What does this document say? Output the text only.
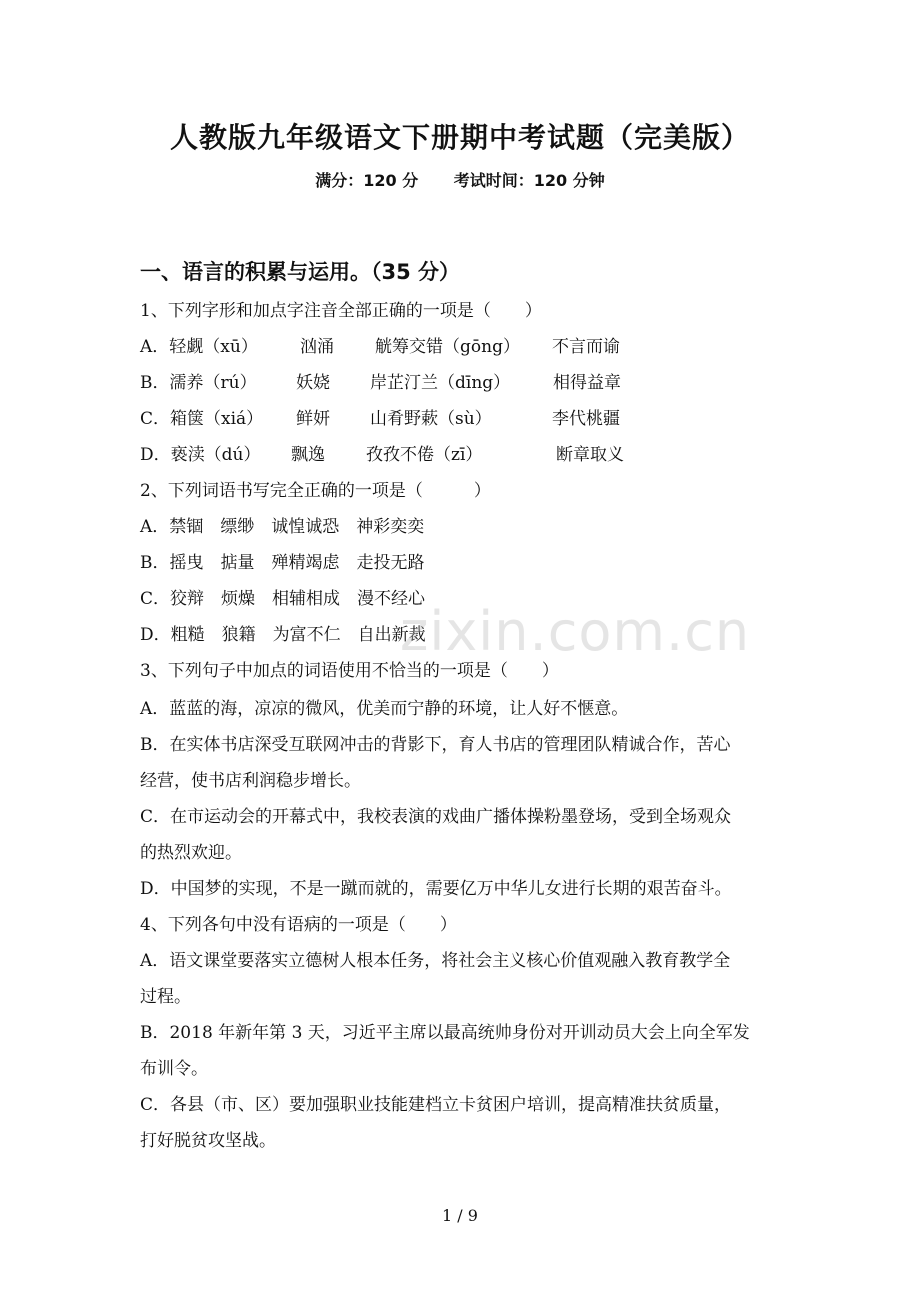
人教版九年级语文下册期中考试题（完美版）
满分：120 分 考试时间：120 分钟
一、语言的积累与运用。（35 分）
1、下列字形和加点字注音全部正确的一项是（　　）
A．轻觑（xū） 汹涌 觥筹交错（gōng） 不言而谕
B．濡养（rú） 妖娆 岸芷汀兰（dīng）	相得益章
C．箱箧（xiá） 鲜妍 山肴野蔌（sù）	李代桃疆
D．亵渎（dú） 飘逸 孜孜不倦（zī）	断章取义
2、下列词语书写完全正确的一项是（　　　）
A．禁锢　缥缈　诚惶诚恐　神彩奕奕
B．摇曳　掂量　殚精竭虑　走投无路
C．狡辩　烦燥　相辅相成　漫不经心
D．粗糙　狼籍　为富不仁　自出新裁
3、下列句子中加点的词语使用不恰当的一项是（　　）
A．蓝蓝的海，凉凉的微风，优美而宁静的环境，让人好不惬意。
B．在实体书店深受互联网冲击的背影下，育人书店的管理团队精诚合作，苦心
经营，使书店利润稳步增长。
C．在市运动会的开幕式中，我校表演的戏曲广播体操粉墨登场，受到全场观众
的热烈欢迎。
D．中国梦的实现，不是一蹴而就的，需要亿万中华儿女进行长期的艰苦奋斗。
4、下列各句中没有语病的一项是（　　）
A．语文课堂要落实立德树人根本任务，将社会主义核心价值观融入教育教学全
过程。
B．2018 年新年第 3 天，习近平主席以最高统帅身份对开训动员大会上向全军发
布训令。
C．各县（市、区）要加强职业技能建档立卡贫困户培训，提高精准扶贫质量，
打好脱贫攻坚战。
zixin.com.cn
1 / 9
